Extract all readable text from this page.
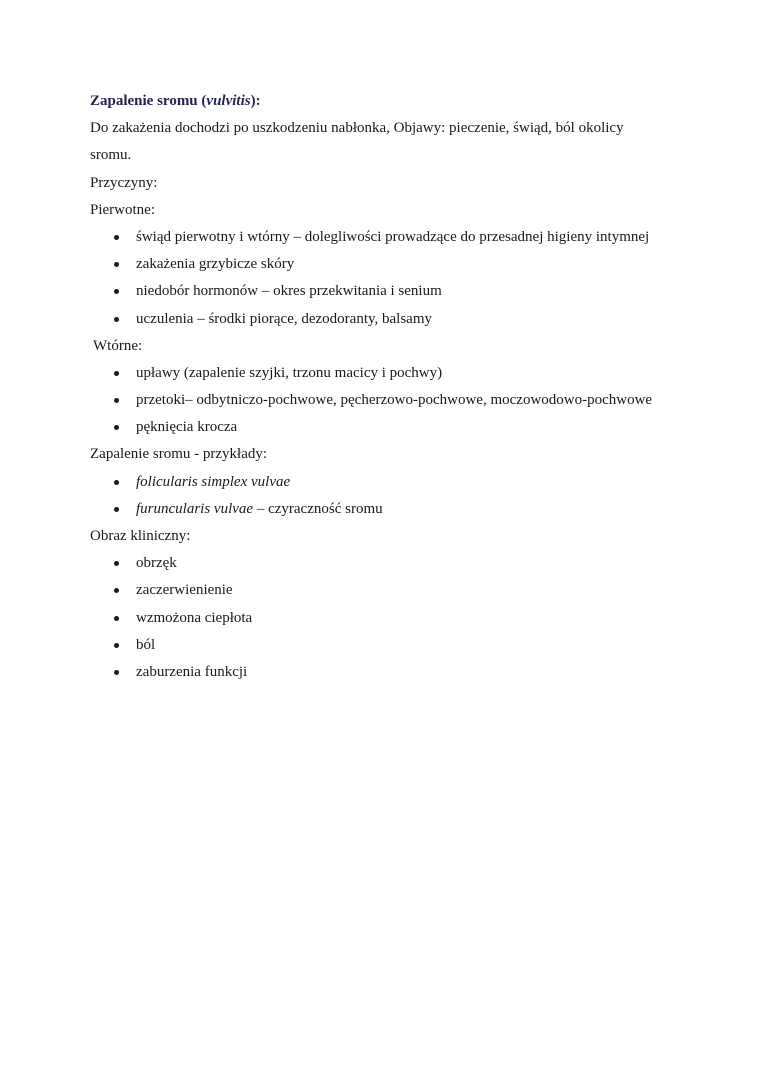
Zapalenie sromu (vulvitis):
Do zakażenia dochodzi po uszkodzeniu nabłonka, Objawy: pieczenie, świąd, ból okolicy
sromu.
Przyczyny:
Pierwotne:
świąd pierwotny i wtórny – dolegliwości prowadzące do przesadnej higieny intymnej
zakażenia grzybicze skóry
niedobór hormonów – okres przekwitania i senium
uczulenia – środki piorące, dezodoranty, balsamy
Wtórne:
upławy (zapalenie szyjki, trzonu macicy i pochwy)
przetoki– odbytniczo-pochwowe, pęcherzowo-pochwowe, moczowodowo-pochwowe
pęknięcia krocza
Zapalenie sromu - przykłady:
folicularis simplex vulvae
furuncularis vulvae – czyraczność sromu
Obraz kliniczny:
obrzęk
zaczerwienienie
wzmożona ciepłota
ból
zaburzenia funkcji
